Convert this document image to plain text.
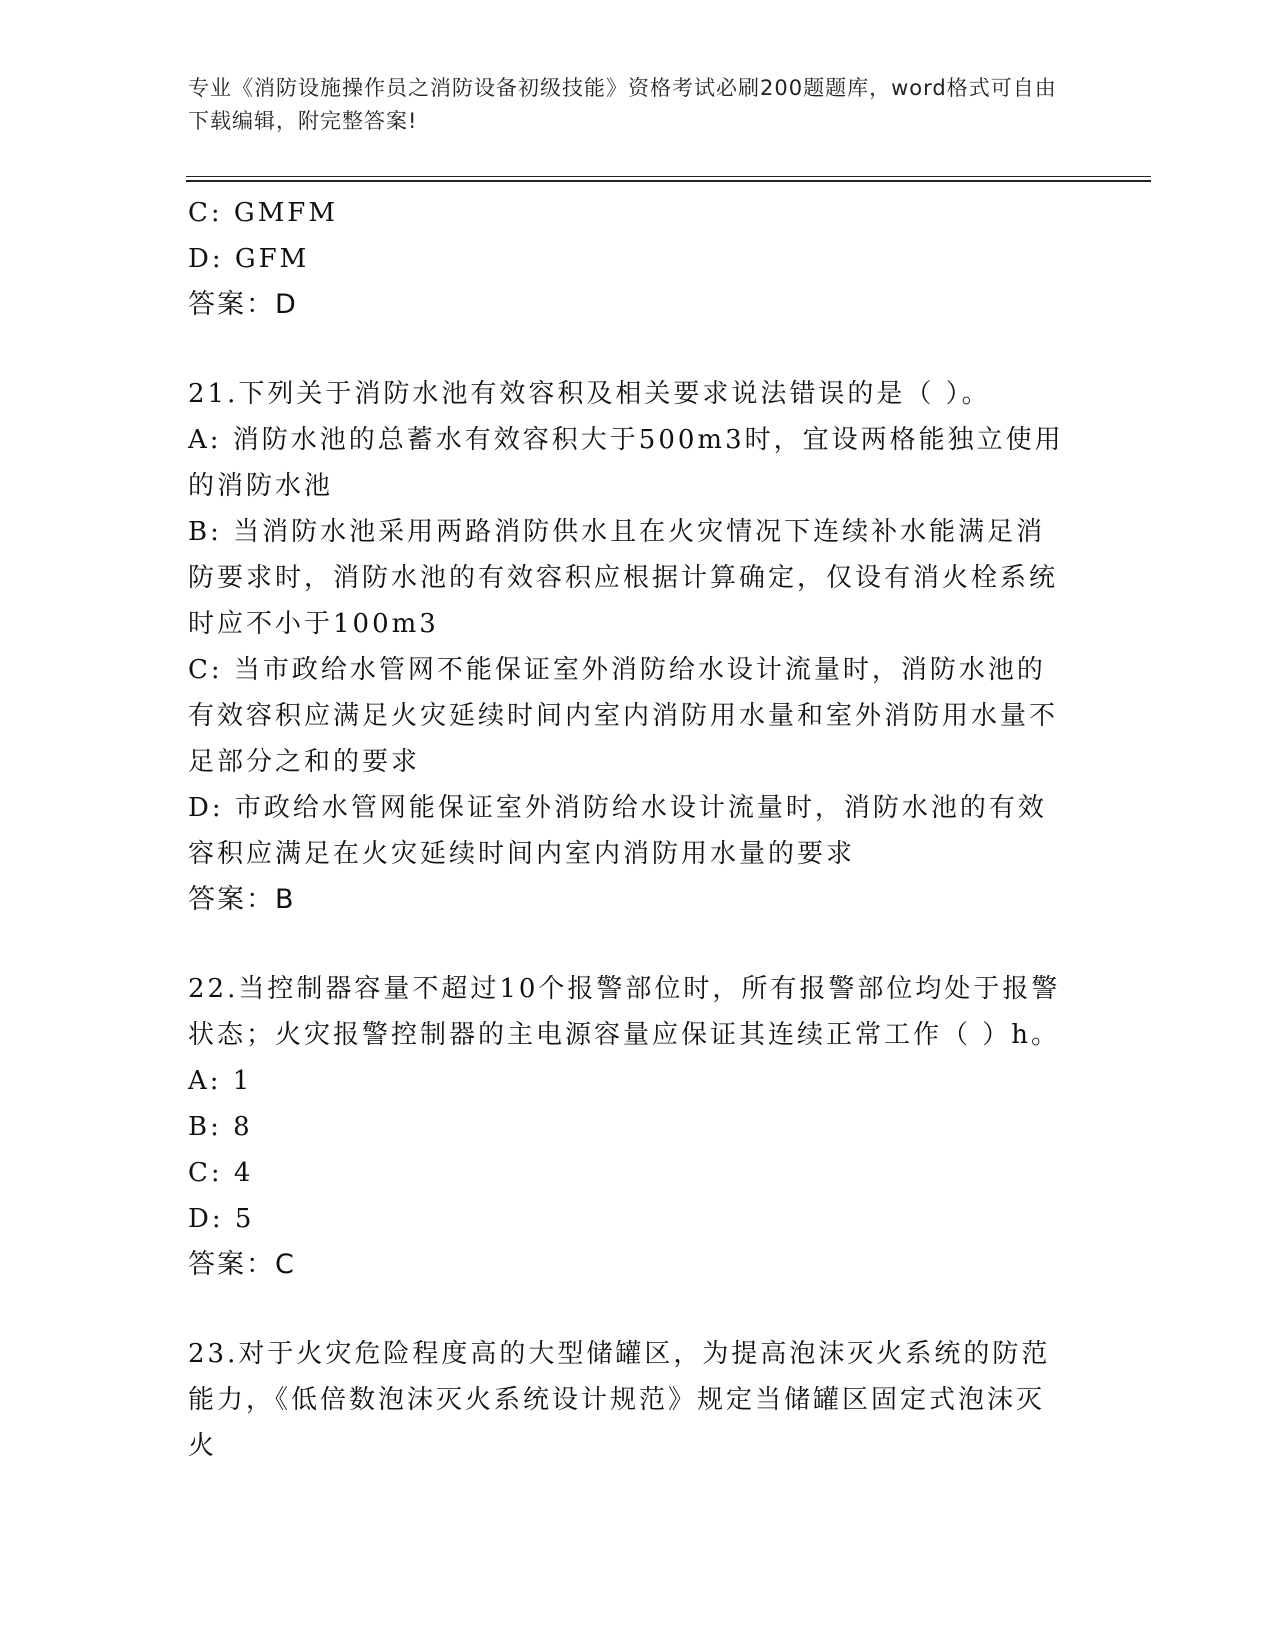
专业《消防设施操作员之消防设备初级技能》资格考试必刷200题题库，word格式可自由下载编辑，附完整答案!
C: GMFM
D: GFM
答案：D
21.下列关于消防水池有效容积及相关要求说法错误的是（ ）。
A: 消防水池的总蓄水有效容积大于500m3时，宜设两格能独立使用的消防水池
B: 当消防水池采用两路消防供水且在火灾情况下连续补水能满足消防要求时，消防水池的有效容积应根据计算确定，仅设有消火栓系统时应不小于100m3
C: 当市政给水管网不能保证室外消防给水设计流量时，消防水池的有效容积应满足火灾延续时间内室内消防用水量和室外消防用水量不足部分之和的要求
D: 市政给水管网能保证室外消防给水设计流量时，消防水池的有效容积应满足在火灾延续时间内室内消防用水量的要求
答案：B
22.当控制器容量不超过10个报警部位时，所有报警部位均处于报警状态；火灾报警控制器的主电源容量应保证其连续正常工作（ ）h。
A: 1
B: 8
C: 4
D: 5
答案：C
23.对于火灾危险程度高的大型储罐区，为提高泡沫灭火系统的防范能力，《低倍数泡沫灭火系统设计规范》规定当储罐区固定式泡沫灭火
